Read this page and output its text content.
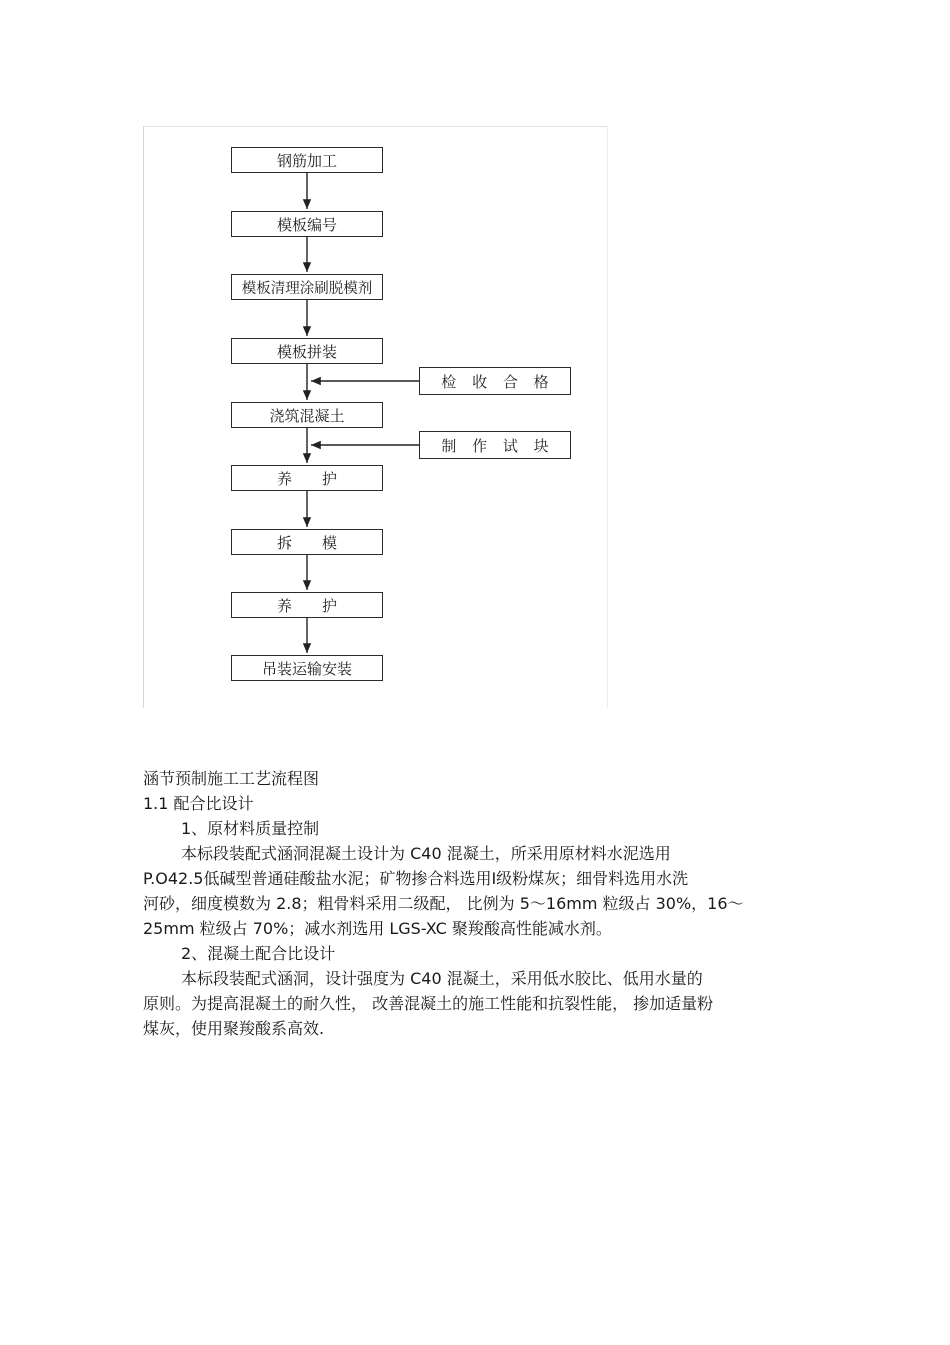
钢筋加工
模板编号
模板清理涂刷脱模剂
模板拼装
浇筑混凝土
养护
拆模
养护
吊装运输安装
检收合格
制作试块
涵节预制施工工艺流程图
1.1 配合比设计
1、原材料质量控制
本标段装配式涵洞混凝土设计为 C40 混凝土，所采用原材料水泥选用
P.O42.5低碱型普通硅酸盐水泥；矿物掺合料选用Ⅰ级粉煤灰；细骨料选用水洗
河砂，细度模数为 2.8；粗骨料采用二级配， 比例为 5～16mm 粒级占 30%，16～
25mm 粒级占 70%；减水剂选用 LGS-XC 聚羧酸高性能减水剂。
2、混凝土配合比设计
本标段装配式涵洞，设计强度为 C40 混凝土，采用低水胶比、低用水量的
原则。为提高混凝土的耐久性， 改善混凝土的施工性能和抗裂性能， 掺加适量粉
煤灰，使用聚羧酸系高效.
